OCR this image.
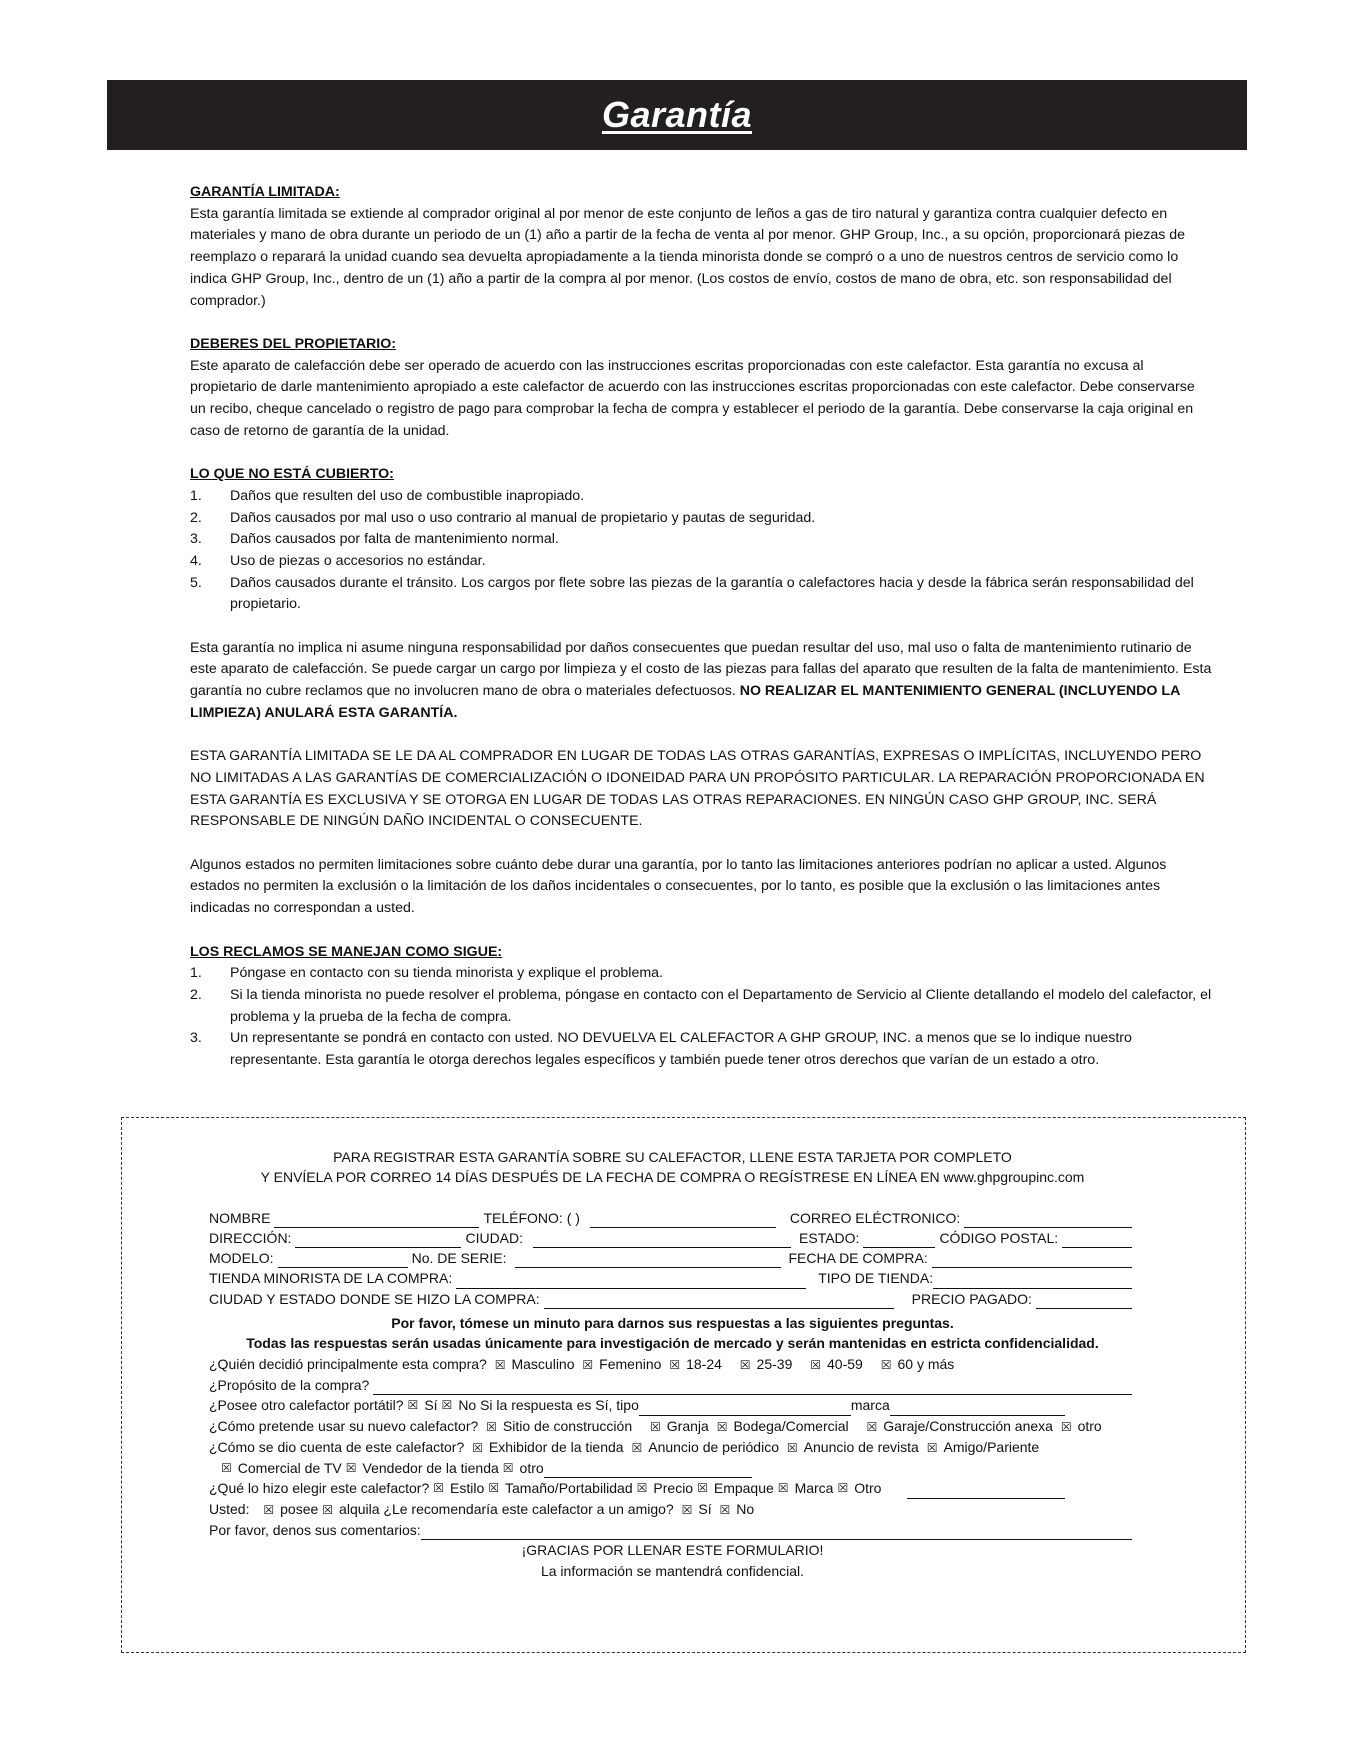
Garantía
GARANTÍA LIMITADA:

Esta garantía limitada se extiende al comprador original al por menor de este conjunto de leños a gas de tiro natural y garantiza contra cualquier defecto en materiales y mano de obra durante un periodo de un (1) año a partir de la fecha de venta al por menor. GHP Group, Inc., a su opción, proporcionará piezas de reemplazo o reparará la unidad cuando sea devuelta apropiadamente a la tienda minorista donde se compró o a uno de nuestros centros de servicio como lo indica GHP Group, Inc., dentro de un (1) año a partir de la compra al por menor. (Los costos de envío, costos de mano de obra, etc. son responsabilidad del comprador.)

DEBERES DEL PROPIETARIO:

Este aparato de calefacción debe ser operado de acuerdo con las instrucciones escritas proporcionadas con este calefactor. Esta garantía no excusa al propietario de darle mantenimiento apropiado a este calefactor de acuerdo con las instrucciones escritas proporcionadas con este calefactor. Debe conservarse un recibo, cheque cancelado o registro de pago para comprobar la fecha de compra y establecer el periodo de la garantía. Debe conservarse la caja original en caso de retorno de garantía de la unidad.

LO QUE NO ESTÁ CUBIERTO:
1. Daños que resulten del uso de combustible inapropiado.
2. Daños causados por mal uso o uso contrario al manual de propietario y pautas de seguridad.
3. Daños causados por falta de mantenimiento normal.
4. Uso de piezas o accesorios no estándar.
5. Daños causados durante el tránsito. Los cargos por flete sobre las piezas de la garantía o calefactores hacia y desde la fábrica serán responsabilidad del propietario.

Esta garantía no implica ni asume ninguna responsabilidad por daños consecuentes que puedan resultar del uso, mal uso o falta de mantenimiento rutinario de este aparato de calefacción. Se puede cargar un cargo por limpieza y el costo de las piezas para fallas del aparato que resulten de la falta de mantenimiento. Esta garantía no cubre reclamos que no involucren mano de obra o materiales defectuosos. NO REALIZAR EL MANTENIMIENTO GENERAL (INCLUYENDO LA LIMPIEZA) ANULARÁ ESTA GARANTÍA.

ESTA GARANTÍA LIMITADA SE LE DA AL COMPRADOR EN LUGAR DE TODAS LAS OTRAS GARANTÍAS, EXPRESAS O IMPLÍCITAS, INCLUYENDO PERO NO LIMITADAS A LAS GARANTÍAS DE COMERCIALIZACIÓN O IDONEIDAD PARA UN PROPÓSITO PARTICULAR. LA REPARACIÓN PROPORCIONADA EN ESTA GARANTÍA ES EXCLUSIVA Y SE OTORGA EN LUGAR DE TODAS LAS OTRAS REPARACIONES. EN NINGÚN CASO GHP GROUP, INC. SERÁ RESPONSABLE DE NINGÚN DAÑO INCIDENTAL O CONSECUENTE.

Algunos estados no permiten limitaciones sobre cuánto debe durar una garantía, por lo tanto las limitaciones anteriores podrían no aplicar a usted. Algunos estados no permiten la exclusión o la limitación de los daños incidentales o consecuentes, por lo tanto, es posible que la exclusión o las limitaciones antes indicadas no correspondan a usted.

LOS RECLAMOS SE MANEJAN COMO SIGUE:
1. Póngase en contacto con su tienda minorista y explique el problema.
2. Si la tienda minorista no puede resolver el problema, póngase en contacto con el Departamento de Servicio al Cliente detallando el modelo del calefactor, el problema y la prueba de la fecha de compra.
3. Un representante se pondrá en contacto con usted. NO DEVUELVA EL CALEFACTOR A GHP GROUP, INC. a menos que se lo indique nuestro representante. Esta garantía le otorga derechos legales específicos y también puede tener otros derechos que varían de un estado a otro.
PARA REGISTRAR ESTA GARANTÍA SOBRE SU CALEFACTOR, LLENE ESTA TARJETA POR COMPLETO
Y ENVÍELA POR CORREO 14 DÍAS DESPUÉS DE LA FECHA DE COMPRA O REGÍSTRESE EN LÍNEA EN www.ghpgroupinc.com
NOMBRE	TELÉFONO: ( )	CORREO ELÉCTRONICO:
DIRECCIÓN:	CIUDAD:	ESTADO:	CÓDIGO POSTAL:
MODELO:	No. DE SERIE:	FECHA DE COMPRA:
TIENDA MINORISTA DE LA COMPRA:	TIPO DE TIENDA:
CIUDAD Y ESTADO DONDE SE HIZO LA COMPRA:	PRECIO PAGADO:
Por favor, tómese un minuto para darnos sus respuestas a las siguientes preguntas.
Todas las respuestas serán usadas únicamente para investigación de mercado y serán mantenidas en estricta confidencialidad.
¿Quién decidió principalmente esta compra? ☒ Masculino ☒ Femenino ☒ 18-24 ☒ 25-39 ☒ 40-59 ☒ 60 y más
¿Propósito de la compra?
¿Posee otro calefactor portátil? ☒ Sí ☒ No Si la respuesta es Sí, tipo	marca
¿Cómo pretende usar su nuevo calefactor? ☒ Sitio de construcción ☒ Granja ☒ Bodega/Comercial ☒ Garaje/Construcción anexa ☒ otro
¿Cómo se dio cuenta de este calefactor? ☒ Exhibidor de la tienda ☒ Anuncio de periódico ☒ Anuncio de revista ☒ Amigo/Pariente
☒ Comercial de TV ☒ Vendedor de la tienda ☒ otro
¿Qué lo hizo elegir este calefactor? ☒ Estilo ☒ Tamaño/Portabilidad ☒ Precio ☒ Empaque ☒ Marca ☒ Otro
Usted: ☒ posee ☒ alquila ¿Le recomendaría este calefactor a un amigo? ☒ Sí ☒ No
Por favor, denos sus comentarios:
¡GRACIAS POR LLENAR ESTE FORMULARIO!
La información se mantendrá confidencial.
